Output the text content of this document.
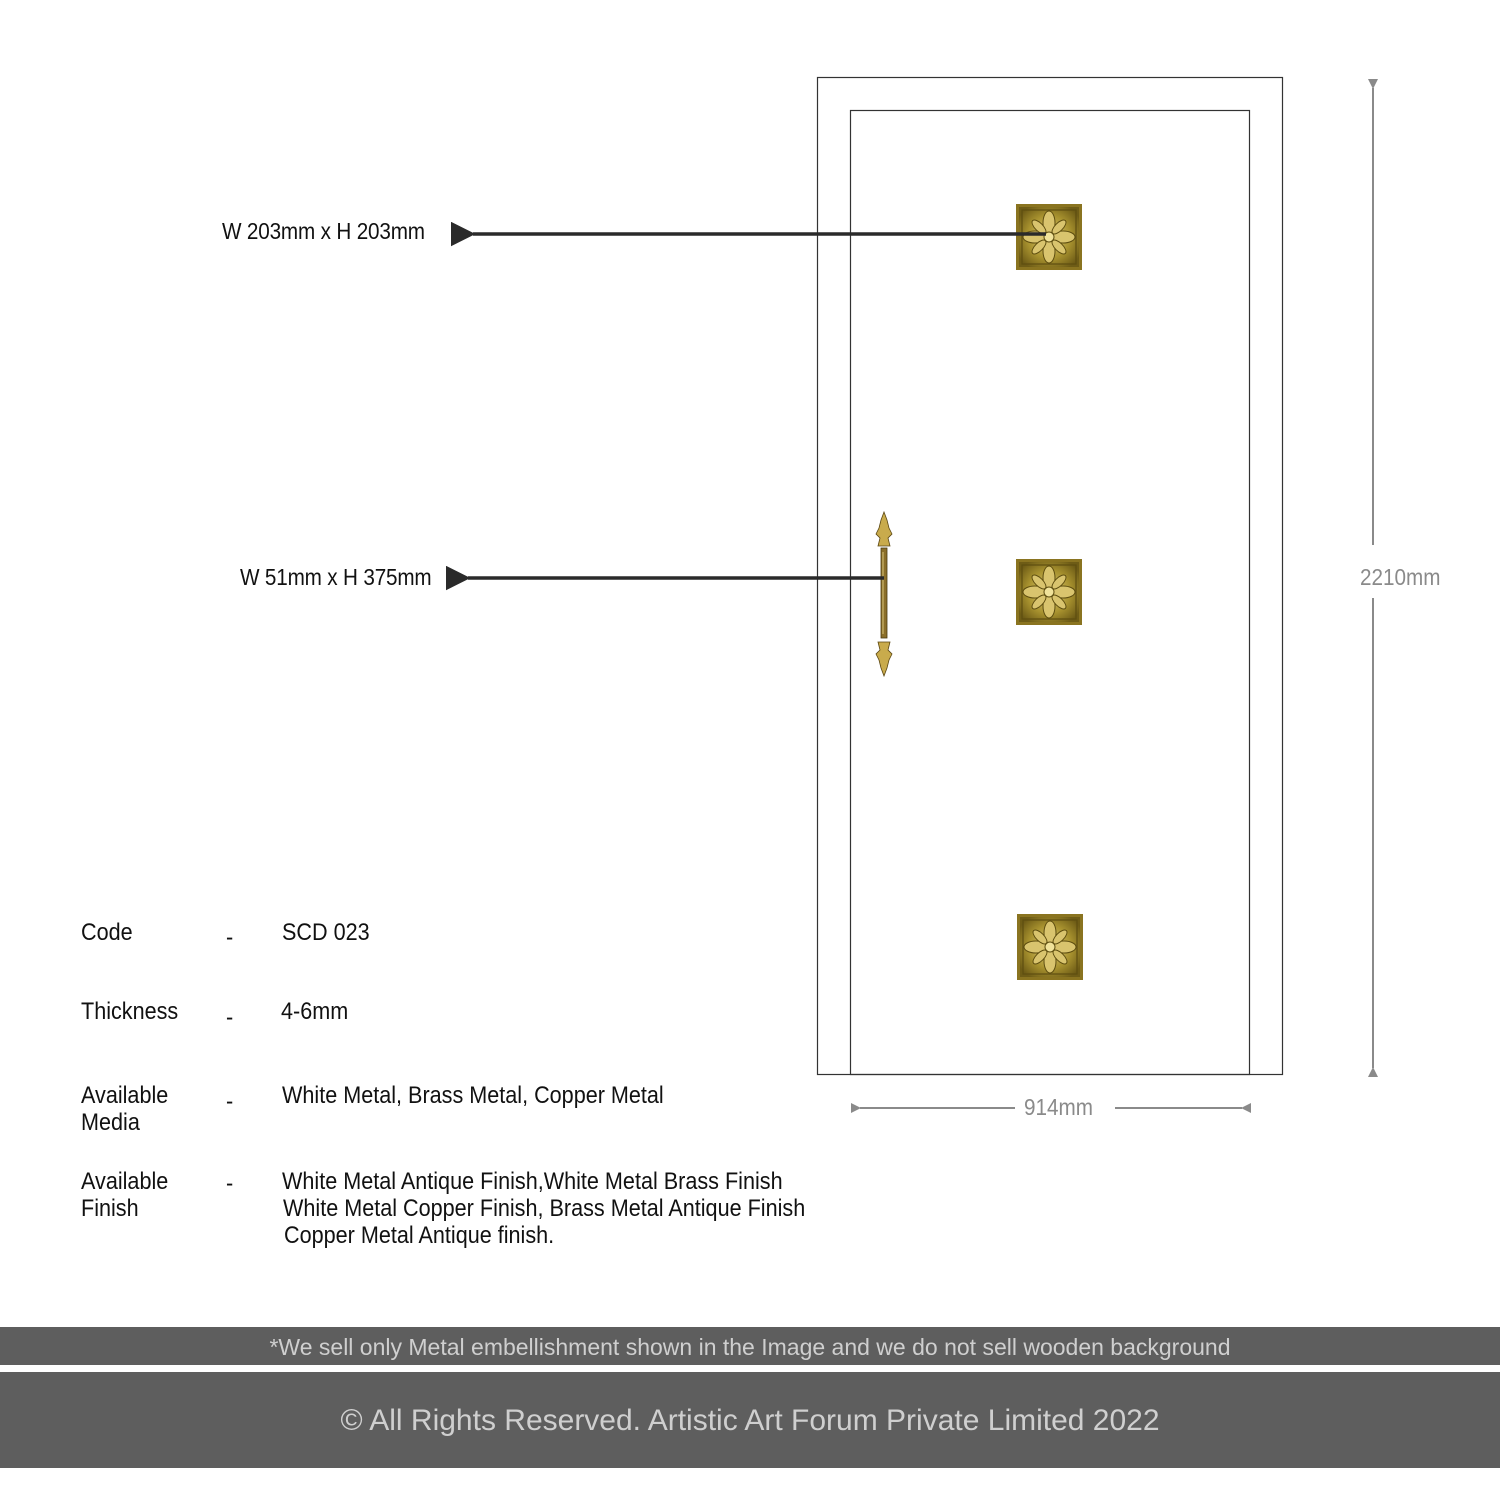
W 203mm x H 203mm
W 51mm x H 375mm	2210mm
914mm
Code	- SCD 023
Thickness - 4-6mm
Available Media
- White Metal, Brass Metal, Copper Metal
Available Finish
- White Metal Antique Finish,White Metal Brass Finish
White Metal Copper Finish, Brass Metal Antique Finish
Copper Metal Antique finish.
*We sell only Metal embellishment shown in the Image and we do not sell wooden background
© All Rights Reserved. Artistic Art Forum Private Limited 2022
